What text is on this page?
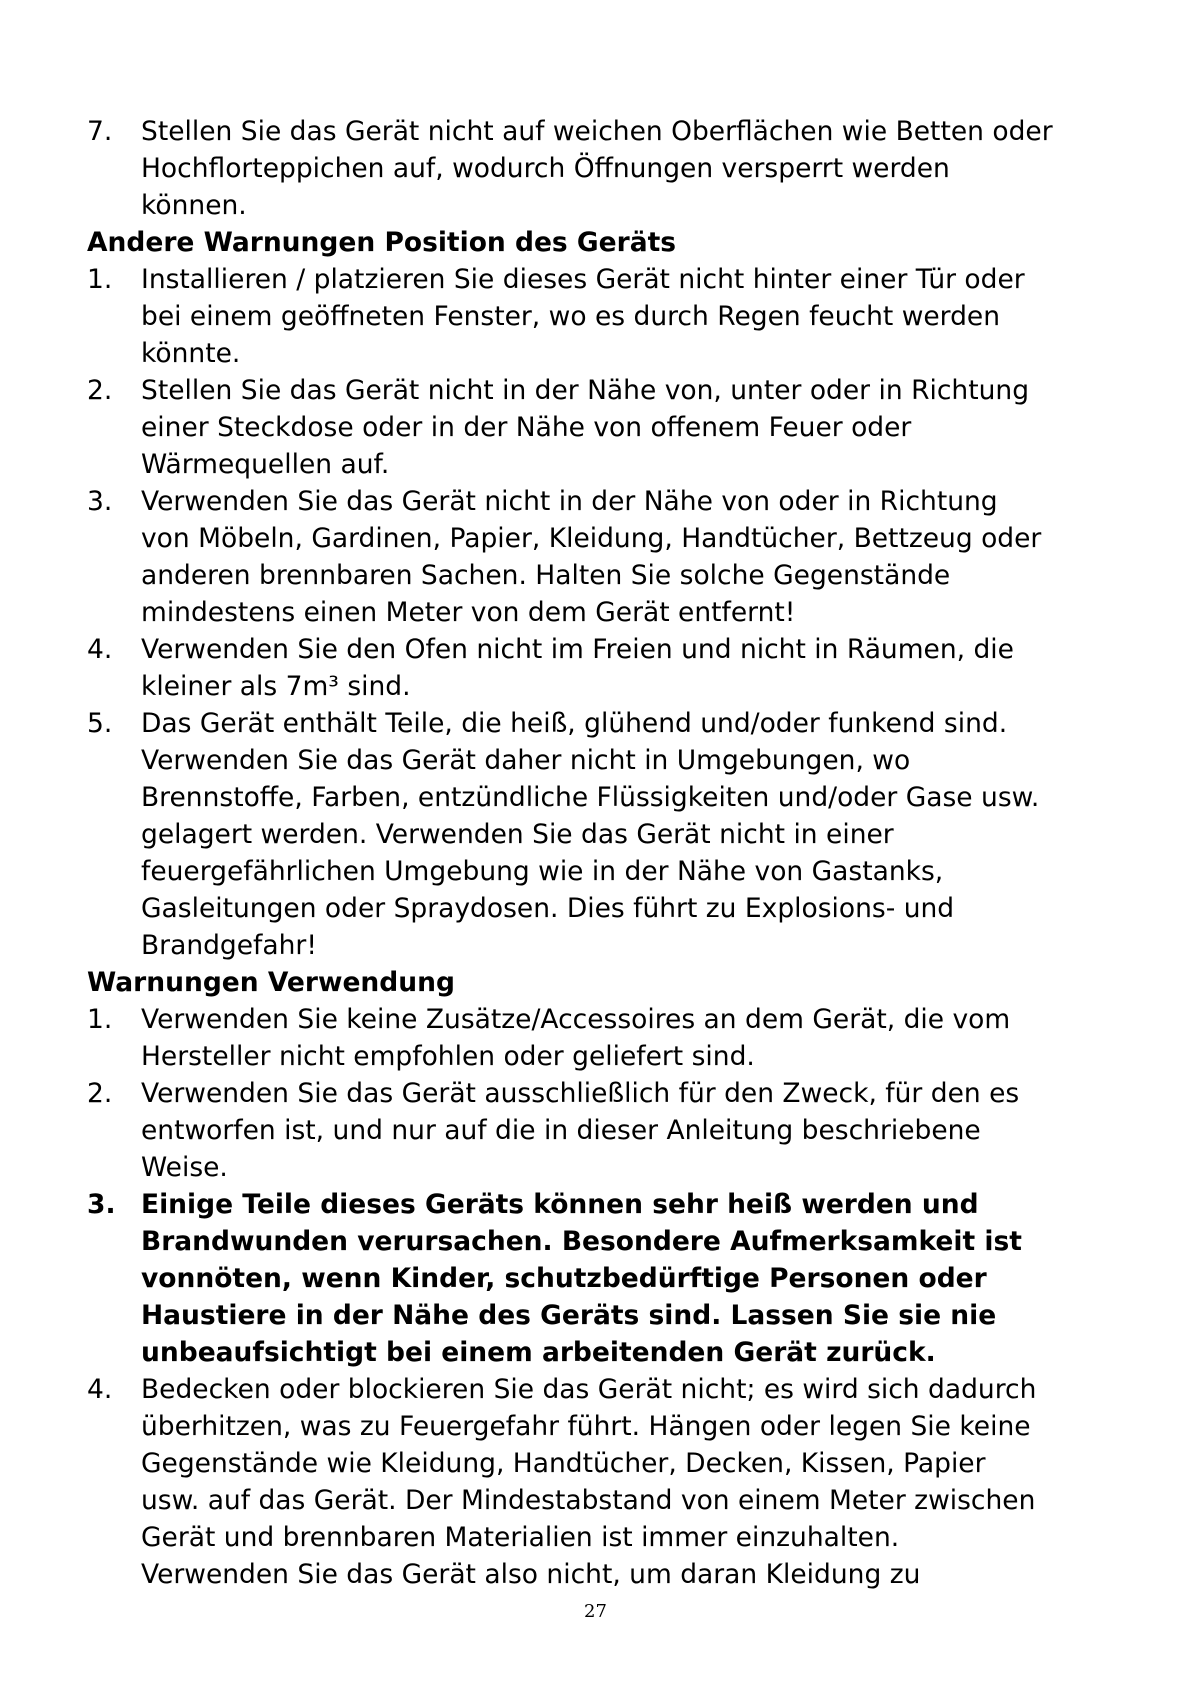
7.	Stellen Sie das Gerät nicht auf weichen Oberflächen wie Betten oder
Hochflorteppichen auf, wodurch Öffnungen versperrt werden
können.
Andere Warnungen Position des Geräts
1.	Installieren / platzieren Sie dieses Gerät nicht hinter einer Tür oder
bei einem geöffneten Fenster, wo es durch Regen feucht werden
könnte.
2.	Stellen Sie das Gerät nicht in der Nähe von, unter oder in Richtung
einer Steckdose oder in der Nähe von offenem Feuer oder
Wärmequellen auf.
3.	Verwenden Sie das Gerät nicht in der Nähe von oder in Richtung
von Möbeln, Gardinen, Papier, Kleidung, Handtücher, Bettzeug oder
anderen brennbaren Sachen. Halten Sie solche Gegenstände
mindestens einen Meter von dem Gerät entfernt!
4.	Verwenden Sie den Ofen nicht im Freien und nicht in Räumen, die
kleiner als 7m³ sind.
5.	Das Gerät enthält Teile, die heiß, glühend und/oder funkend sind.
Verwenden Sie das Gerät daher nicht in Umgebungen, wo
Brennstoffe, Farben, entzündliche Flüssigkeiten und/oder Gase usw.
gelagert werden. Verwenden Sie das Gerät nicht in einer
feuergefährlichen Umgebung wie in der Nähe von Gastanks,
Gasleitungen oder Spraydosen. Dies führt zu Explosions- und
Brandgefahr!
Warnungen Verwendung
1.	Verwenden Sie keine Zusätze/Accessoires an dem Gerät, die vom
Hersteller nicht empfohlen oder geliefert sind.
2.	Verwenden Sie das Gerät ausschließlich für den Zweck, für den es
entworfen ist, und nur auf die in dieser Anleitung beschriebene
Weise.
3. Einige Teile dieses Geräts können sehr heiß werden und
Brandwunden verursachen. Besondere Aufmerksamkeit ist
vonnöten, wenn Kinder, schutzbedürftige Personen oder
Haustiere in der Nähe des Geräts sind. Lassen Sie sie nie
unbeaufsichtigt bei einem arbeitenden Gerät zurück.
4.	Bedecken oder blockieren Sie das Gerät nicht; es wird sich dadurch
überhitzen, was zu Feuergefahr führt. Hängen oder legen Sie keine
Gegenstände wie Kleidung, Handtücher, Decken, Kissen, Papier
usw. auf das Gerät. Der Mindestabstand von einem Meter zwischen
Gerät und brennbaren Materialien ist immer einzuhalten.
Verwenden Sie das Gerät also nicht, um daran Kleidung zu
27
